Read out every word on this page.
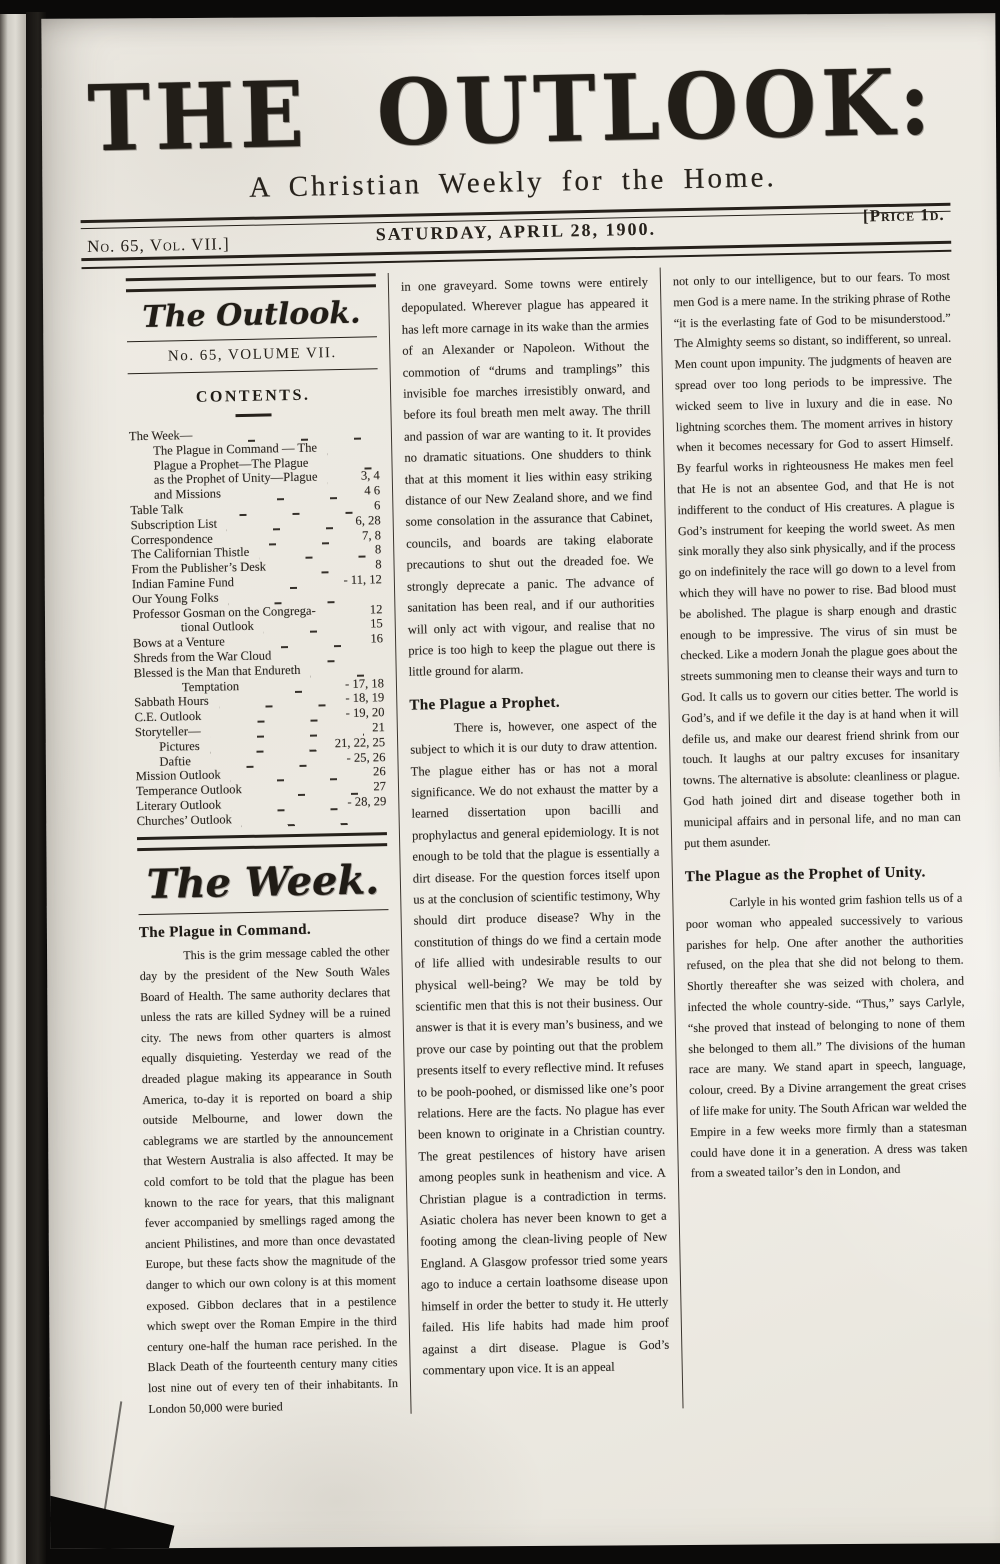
THE OUTLOOK:
A Christian Weekly for the Home.
No. 65, Vol. VII.]
SATURDAY, APRIL 28, 1900.
[Price 1d.
The Outlook.
No. 65, VOLUME VII.
CONTENTS.
The Week—
The Plague in Command — The
Plague a Prophet—The Plague
as the Prophet of Unity—Plague	3, 4
and Missions	4 6
Table Talk	6
Subscription List	6, 28
Correspondence	7, 8
The Californian Thistle	8
From the Publisher’s Desk	8
Indian Famine Fund	- 11, 12
Our Young Folks
Professor Gosman on the Congrega-	12
tional Outlook	15
Bows at a Venture	16
Shreds from the War Cloud
Blessed is the Man that Endureth
Temptation	- 17, 18
Sabbath Hours	- 18, 19
C.E. Outlook	- 19, 20
Storyteller—	21
Pictures	21, 22, 25
Daftie	- 25, 26
Mission Outlook	26
Temperance Outlook	27
Literary Outlook	- 28, 29
Churches’ Outlook
The Week.
The Plague in Command.

This is the grim message cabled the other day by the president of the New South Wales Board of Health. The same authority declares that unless the rats are killed Sydney will be a ruined city. The news from other quarters is almost equally disquieting. Yesterday we read of the dreaded plague making its appearance in South America, to-day it is reported on board a ship outside Melbourne, and lower down the cablegrams we are startled by the announcement that Western Australia is also affected. It may be cold comfort to be told that the plague has been known to the race for years, that this malignant fever accompanied by smellings raged among the ancient Philistines, and more than once devastated Europe, but these facts show the magnitude of the danger to which our own colony is at this moment exposed. Gibbon declares that in a pestilence which swept over the Roman Empire in the third century one-half the human race perished. In the Black Death of the fourteenth century many cities lost nine out of every ten of their inhabitants. In London 50,000 were buried

in one graveyard. Some towns were entirely depopulated. Wherever plague has appeared it has left more carnage in its wake than the armies of an Alexander or Napoleon. Without the commotion of “drums and tramplings” this invisible foe marches irresistibly onward, and before its foul breath men melt away. The thrill and passion of war are wanting to it. It provides no dramatic situations. One shudders to think that at this moment it lies within easy striking distance of our New Zealand shore, and we find some consolation in the assurance that Cabinet, councils, and boards are taking elaborate precautions to shut out the dreaded foe. We strongly deprecate a panic. The advance of sanitation has been real, and if our authorities will only act with vigour, and realise that no price is too high to keep the plague out there is little ground for alarm.

The Plague a Prophet.

There is, however, one aspect of the subject to which it is our duty to draw attention. The plague either has or has not a moral significance. We do not exhaust the matter by a learned dissertation upon bacilli and prophylactus and general epidemiology. It is not enough to be told that the plague is essentially a dirt disease. For the question forces itself upon us at the conclusion of scientific testimony, Why should dirt produce disease? Why in the constitution of things do we find a certain mode of life allied with undesirable results to our physical well-being? We may be told by scientific men that this is not their business. Our answer is that it is every man’s business, and we prove our case by pointing out that the problem presents itself to every reflective mind. It refuses to be pooh-poohed, or dismissed like one’s poor relations. Here are the facts. No plague has ever been known to originate in a Christian country. The great pestilences of history have arisen among peoples sunk in heathenism and vice. A Christian plague is a contradiction in terms. Asiatic cholera has never been known to get a footing among the clean-living people of New England. A Glasgow professor tried some years ago to induce a certain loathsome disease upon himself in order the better to study it. He utterly failed. His life habits had made him proof against a dirt disease. Plague is God’s commentary upon vice. It is an appeal

not only to our intelligence, but to our fears. To most men God is a mere name. In the striking phrase of Rothe “it is the everlasting fate of God to be misunderstood.” The Almighty seems so distant, so indifferent, so unreal. Men count upon impunity. The judgments of heaven are spread over too long periods to be impressive. The wicked seem to live in luxury and die in ease. No lightning scorches them. The moment arrives in history when it becomes necessary for God to assert Himself. By fearful works in righteousness He makes men feel that He is not an absentee God, and that He is not indifferent to the conduct of His creatures. A plague is God’s instrument for keeping the world sweet. As men sink morally they also sink physically, and if the process go on indefinitely the race will go down to a level from which they will have no power to rise. Bad blood must be abolished. The plague is sharp enough and drastic enough to be impressive. The virus of sin must be checked. Like a modern Jonah the plague goes about the streets summoning men to cleanse their ways and turn to God. It calls us to govern our cities better. The world is God’s, and if we defile it the day is at hand when it will defile us, and make our dearest friend shrink from our touch. It laughs at our paltry excuses for insanitary towns. The alternative is absolute: cleanliness or plague. God hath joined dirt and disease together both in municipal affairs and in personal life, and no man can put them asunder.

The Plague as the Prophet of Unity.

Carlyle in his wonted grim fashion tells us of a poor woman who appealed successively to various parishes for help. One after another the authorities refused, on the plea that she did not belong to them. Shortly thereafter she was seized with cholera, and infected the whole country-side. “Thus,” says Carlyle, “she proved that instead of belonging to none of them she belonged to them all.” The divisions of the human race are many. We stand apart in speech, language, colour, creed. By a Divine arrangement the great crises of life make for unity. The South African war welded the Empire in a few weeks more firmly than a statesman could have done it in a generation. A dress was taken from a sweated tailor’s den in London, and
